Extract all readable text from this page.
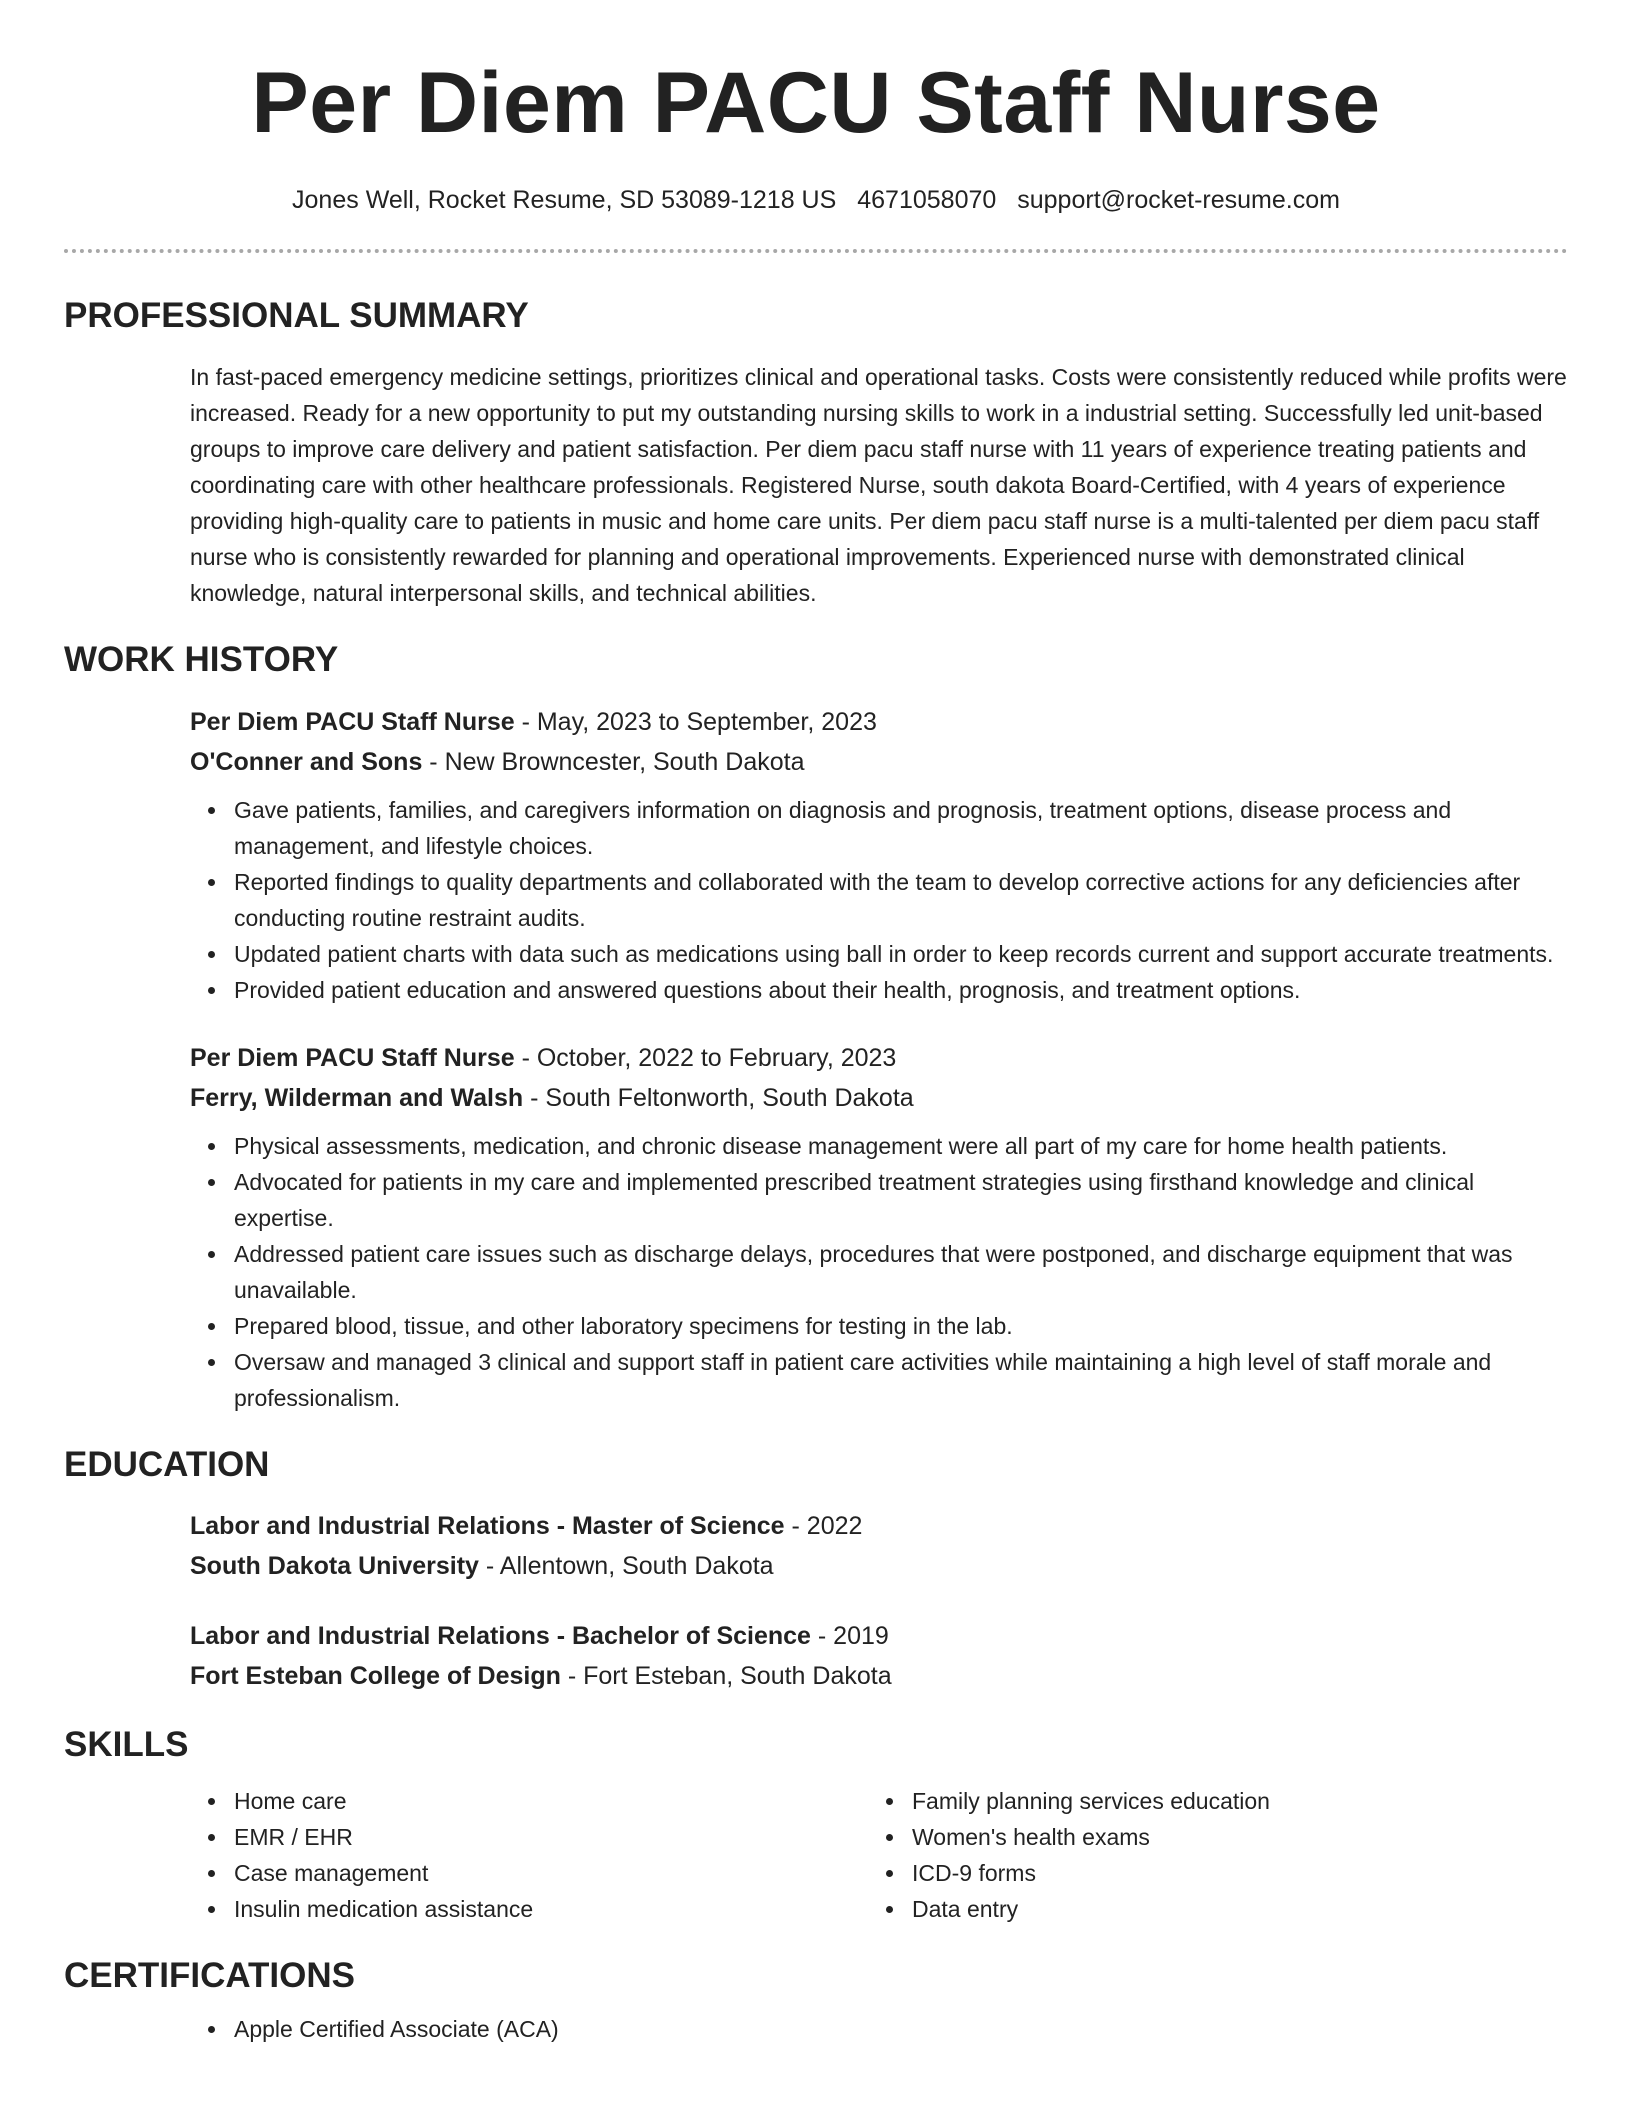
Per Diem PACU Staff Nurse
Jones Well, Rocket Resume, SD 53089-1218 US 4671058070 support@rocket-resume.com
PROFESSIONAL SUMMARY

In fast-paced emergency medicine settings, prioritizes clinical and operational tasks. Costs were consistently reduced while profits were increased. Ready for a new opportunity to put my outstanding nursing skills to work in a industrial setting. Successfully led unit-based groups to improve care delivery and patient satisfaction. Per diem pacu staff nurse with 11 years of experience treating patients and coordinating care with other healthcare professionals. Registered Nurse, south dakota Board-Certified, with 4 years of experience providing high-quality care to patients in music and home care units. Per diem pacu staff nurse is a multi-talented per diem pacu staff nurse who is consistently rewarded for planning and operational improvements. Experienced nurse with demonstrated clinical knowledge, natural interpersonal skills, and technical abilities.

WORK HISTORY
Per Diem PACU Staff Nurse - May, 2023 to September, 2023
O'Conner and Sons - New Browncester, South Dakota
Gave patients, families, and caregivers information on diagnosis and prognosis, treatment options, disease process and management, and lifestyle choices.
Reported findings to quality departments and collaborated with the team to develop corrective actions for any deficiencies after conducting routine restraint audits.
Updated patient charts with data such as medications using ball in order to keep records current and support accurate treatments.
Provided patient education and answered questions about their health, prognosis, and treatment options.
Per Diem PACU Staff Nurse - October, 2022 to February, 2023
Ferry, Wilderman and Walsh - South Feltonworth, South Dakota
Physical assessments, medication, and chronic disease management were all part of my care for home health patients.
Advocated for patients in my care and implemented prescribed treatment strategies using firsthand knowledge and clinical expertise.
Addressed patient care issues such as discharge delays, procedures that were postponed, and discharge equipment that was unavailable.
Prepared blood, tissue, and other laboratory specimens for testing in the lab.
Oversaw and managed 3 clinical and support staff in patient care activities while maintaining a high level of staff morale and professionalism.
EDUCATION
Labor and Industrial Relations - Master of Science - 2022
South Dakota University - Allentown, South Dakota
Labor and Industrial Relations - Bachelor of Science - 2019
Fort Esteban College of Design - Fort Esteban, South Dakota
SKILLS
Home care
EMR / EHR
Case management
Insulin medication assistance
Family planning services education
Women's health exams
ICD-9 forms
Data entry
CERTIFICATIONS
Apple Certified Associate (ACA)
